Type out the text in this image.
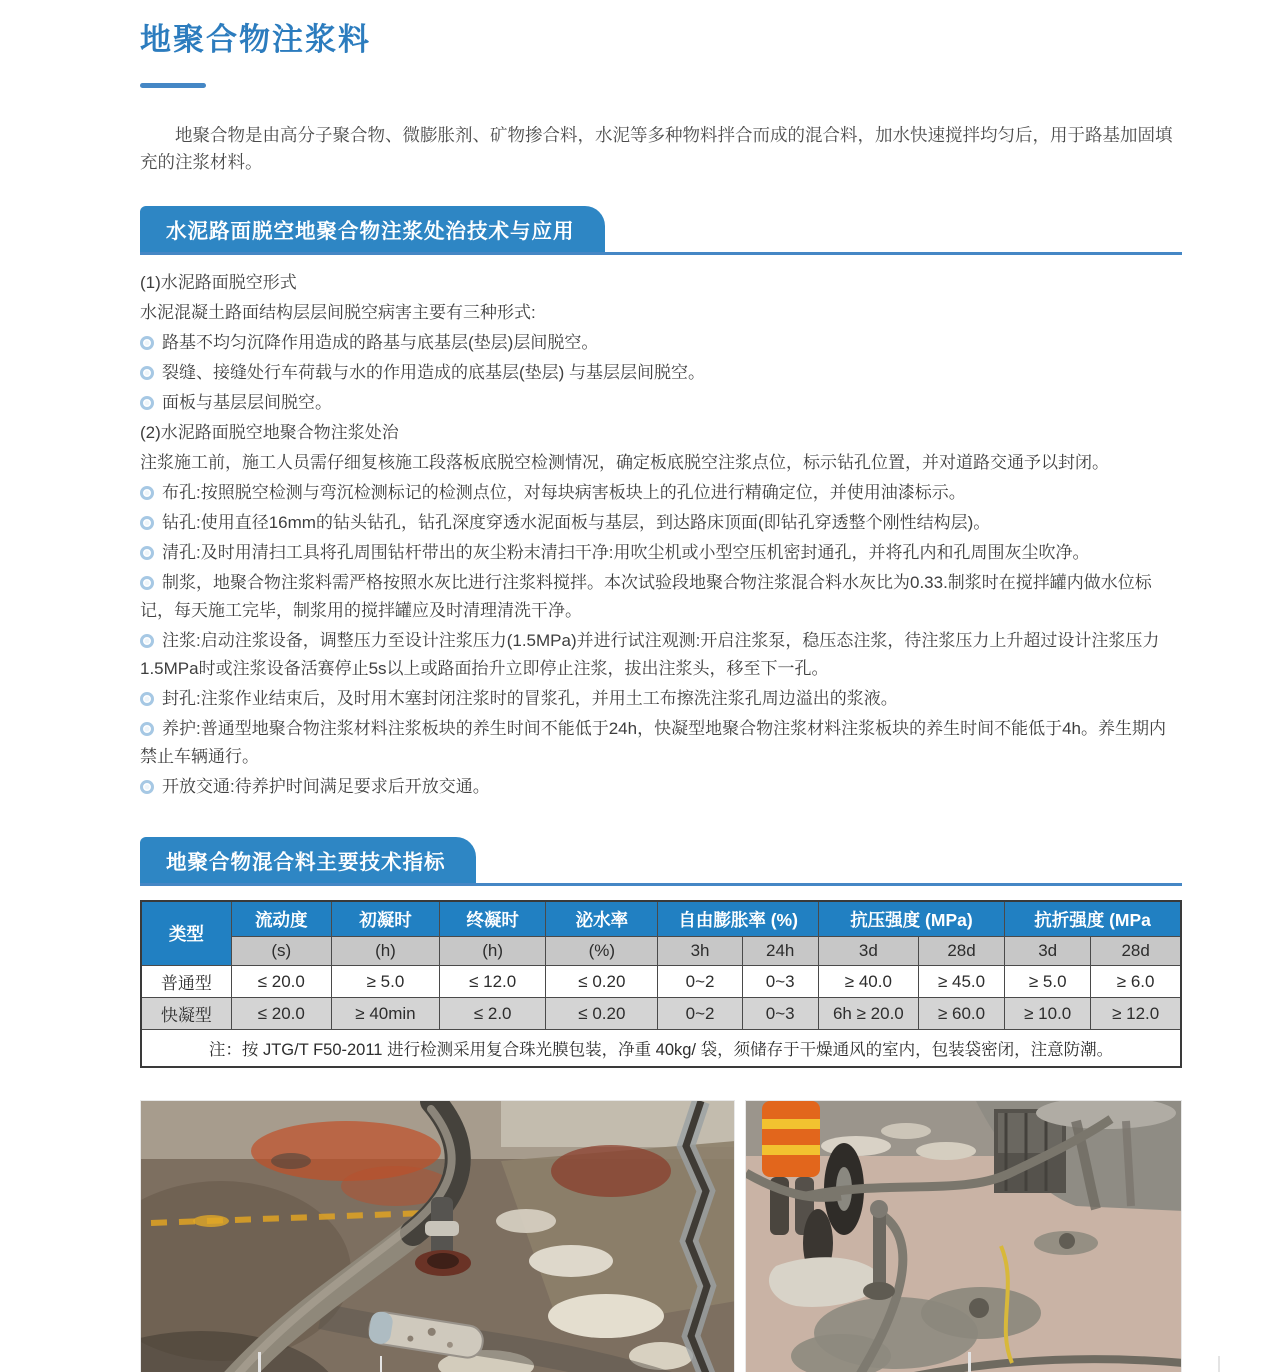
地聚合物注浆料
地聚合物是由高分子聚合物、微膨胀剂、矿物掺合料，水泥等多种物料拌合而成的混合料，加水快速搅拌均匀后，用于路基加固填充的注浆材料。
水泥路面脱空地聚合物注浆处治技术与应用
(1)水泥路面脱空形式
水泥混凝土路面结构层层间脱空病害主要有三种形式:
路基不均匀沉降作用造成的路基与底基层(垫层)层间脱空。
裂缝、接缝处行车荷载与水的作用造成的底基层(垫层) 与基层层间脱空。
面板与基层层间脱空。
(2)水泥路面脱空地聚合物注浆处治
注浆施工前，施工人员需仔细复核施工段落板底脱空检测情况，确定板底脱空注浆点位，标示钻孔位置，并对道路交通予以封闭。
布孔:按照脱空检测与弯沉检测标记的检测点位，对每块病害板块上的孔位进行精确定位，并使用油漆标示。
钻孔:使用直径16mm的钻头钻孔，钻孔深度穿透水泥面板与基层，到达路床顶面(即钻孔穿透整个刚性结构层)。
清孔:及时用清扫工具将孔周围钻杆带出的灰尘粉末清扫干净:用吹尘机或小型空压机密封通孔，并将孔内和孔周围灰尘吹净。
制浆，地聚合物注浆料需严格按照水灰比进行注浆料搅拌。本次试验段地聚合物注浆混合料水灰比为0.33.制浆时在搅拌罐内做水位标记，每天施工完毕，制浆用的搅拌罐应及时清理清洗干净。
注浆:启动注浆设备，调整压力至设计注浆压力(1.5MPa)并进行试注观测:开启注浆泵，稳压态注浆，待注浆压力上升超过设计注浆压力1.5MPa时或注浆设备活赛停止5s以上或路面抬升立即停止注浆，拔出注浆头，移至下一孔。
封孔:注浆作业结束后，及时用木塞封闭注浆时的冒浆孔，并用土工布擦洗注浆孔周边溢出的浆液。
养护:普通型地聚合物注浆材料注浆板块的养生时间不能低于24h，快凝型地聚合物注浆材料注浆板块的养生时间不能低于4h。养生期内禁止车辆通行。
开放交通:待养护时间满足要求后开放交通。
地聚合物混合料主要技术指标
类型	流动度	初凝时	终凝时	泌水率	自由膨胀率 (%)		抗压强度 (MPa)		抗折强度 (MPa	
	(s)	(h)	(h)	(%)	3h	24h	3d	28d	3d	28d
普通型	≤ 20.0	≥ 5.0	≤ 12.0	≤ 0.20	0~2	0~3	≥ 40.0	≥ 45.0	≥ 5.0	≥ 6.0
快凝型	≤ 20.0	≥ 40min	≤ 2.0	≤ 0.20	0~2	0~3	6h ≥ 20.0	≥ 60.0	≥ 10.0	≥ 12.0
注：按 JTG/T F50-2011 进行检测采用复合珠光膜包装，净重 40kg/ 袋，须储存于干燥通风的室内，包装袋密闭，注意防潮。										
